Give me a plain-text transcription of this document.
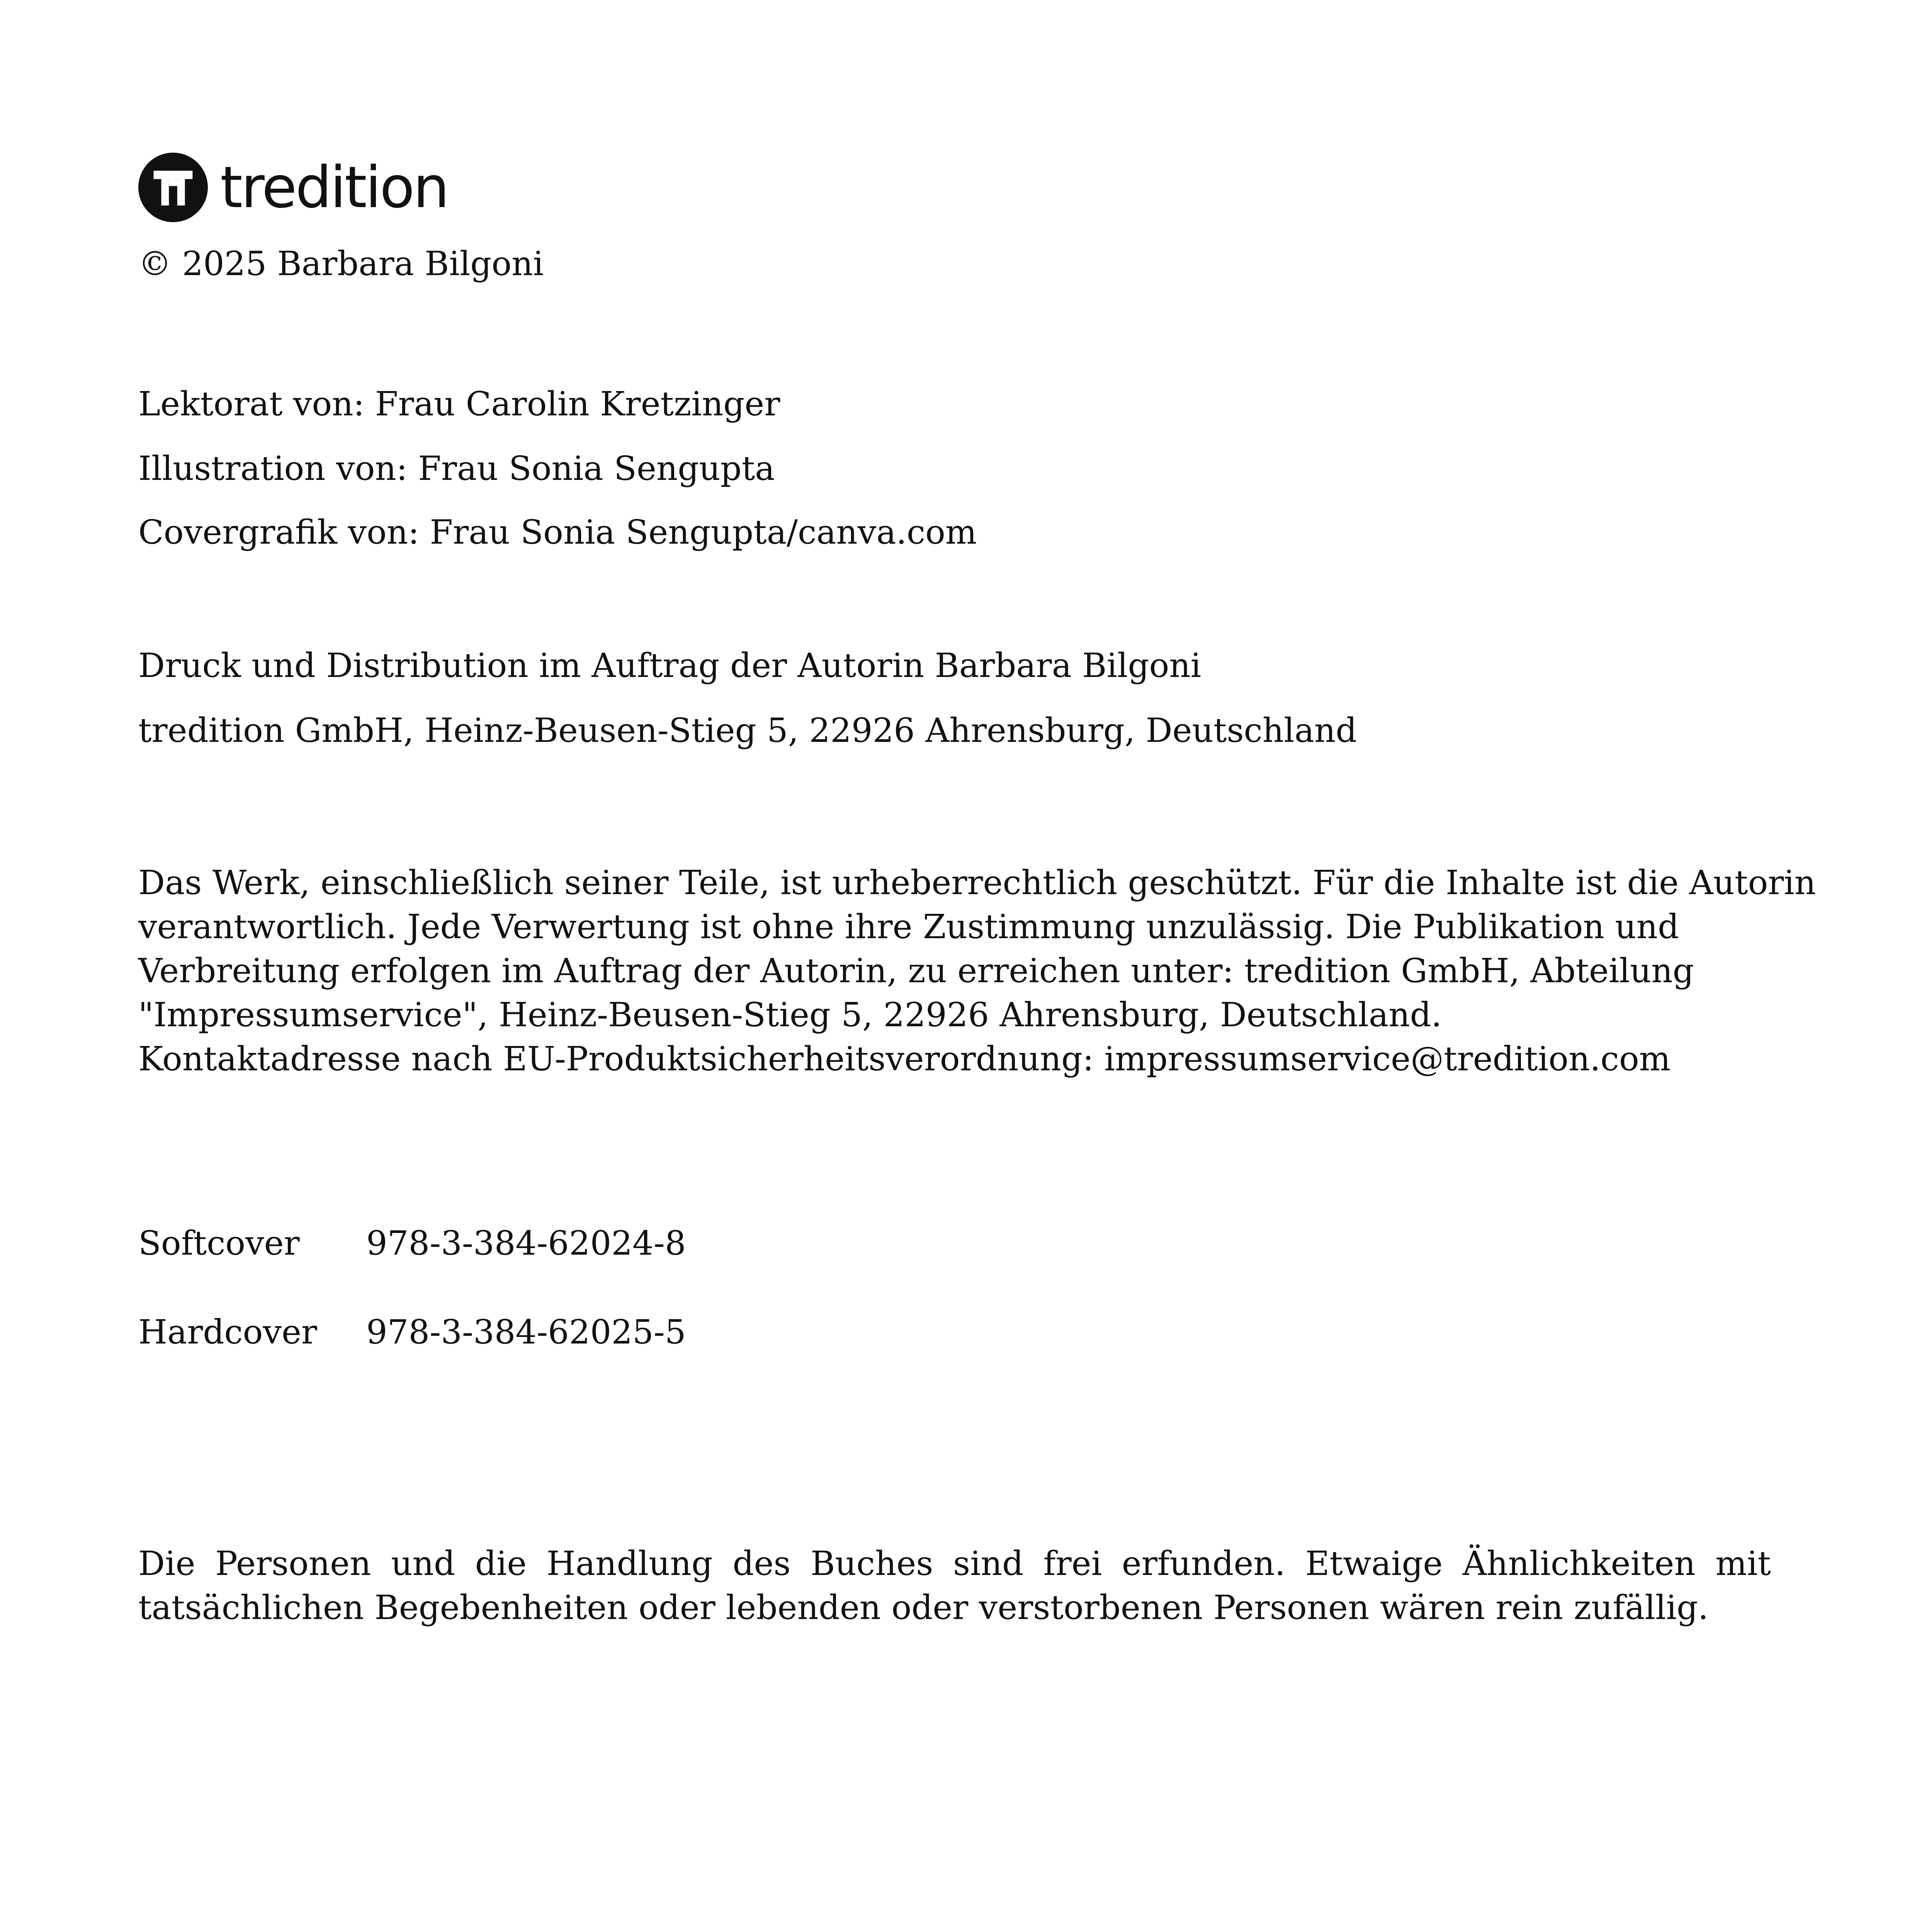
tredition
© 2025 Barbara Bilgoni
Lektorat von: Frau Carolin Kretzinger
Illustration von: Frau Sonia Sengupta
Covergrafik von: Frau Sonia Sengupta/canva.com
Druck und Distribution im Auftrag der Autorin Barbara Bilgoni
tredition GmbH, Heinz-Beusen-Stieg 5, 22926 Ahrensburg, Deutschland
Das Werk, einschließlich seiner Teile, ist urheberrechtlich geschützt. Für die Inhalte ist die Autorin
verantwortlich. Jede Verwertung ist ohne ihre Zustimmung unzulässig. Die Publikation und
Verbreitung erfolgen im Auftrag der Autorin, zu erreichen unter: tredition GmbH, Abteilung
"Impressumservice", Heinz-Beusen-Stieg 5, 22926 Ahrensburg, Deutschland.
Kontaktadresse nach EU-Produktsicherheitsverordnung: impressumservice@tredition.com
Softcover 978-3-384-62024-8
Hardcover 978-3-384-62025-5
Die Personen und die Handlung des Buches sind frei erfunden. Etwaige Ähnlichkeiten mit
tatsächlichen Begebenheiten oder lebenden oder verstorbenen Personen wären rein zufällig.
